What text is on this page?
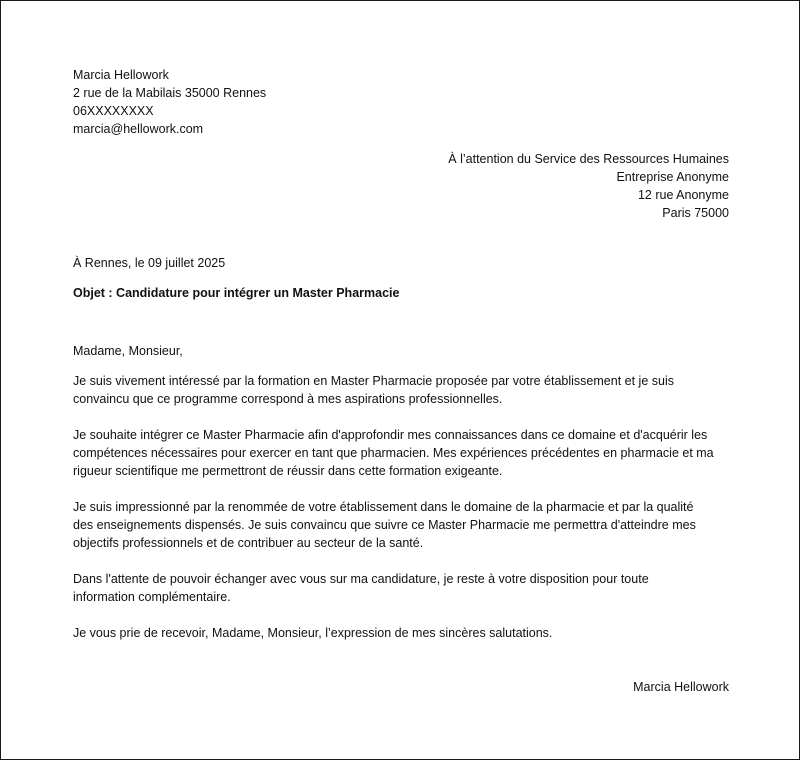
Marcia Hellowork
2 rue de la Mabilais 35000 Rennes
06XXXXXXXX
marcia@hellowork.com
À l’attention du Service des Ressources Humaines
Entreprise Anonyme
12 rue Anonyme
Paris 75000
À Rennes, le 09 juillet 2025
Objet : Candidature pour intégrer un Master Pharmacie
Madame, Monsieur,
Je suis vivement intéressé par la formation en Master Pharmacie proposée par votre établissement et je suis
convaincu que ce programme correspond à mes aspirations professionnelles.
Je souhaite intégrer ce Master Pharmacie afin d'approfondir mes connaissances dans ce domaine et d'acquérir les
compétences nécessaires pour exercer en tant que pharmacien. Mes expériences précédentes en pharmacie et ma
rigueur scientifique me permettront de réussir dans cette formation exigeante.
Je suis impressionné par la renommée de votre établissement dans le domaine de la pharmacie et par la qualité
des enseignements dispensés. Je suis convaincu que suivre ce Master Pharmacie me permettra d'atteindre mes
objectifs professionnels et de contribuer au secteur de la santé.
Dans l'attente de pouvoir échanger avec vous sur ma candidature, je reste à votre disposition pour toute
information complémentaire.
Je vous prie de recevoir, Madame, Monsieur, l’expression de mes sincères salutations.
Marcia Hellowork
